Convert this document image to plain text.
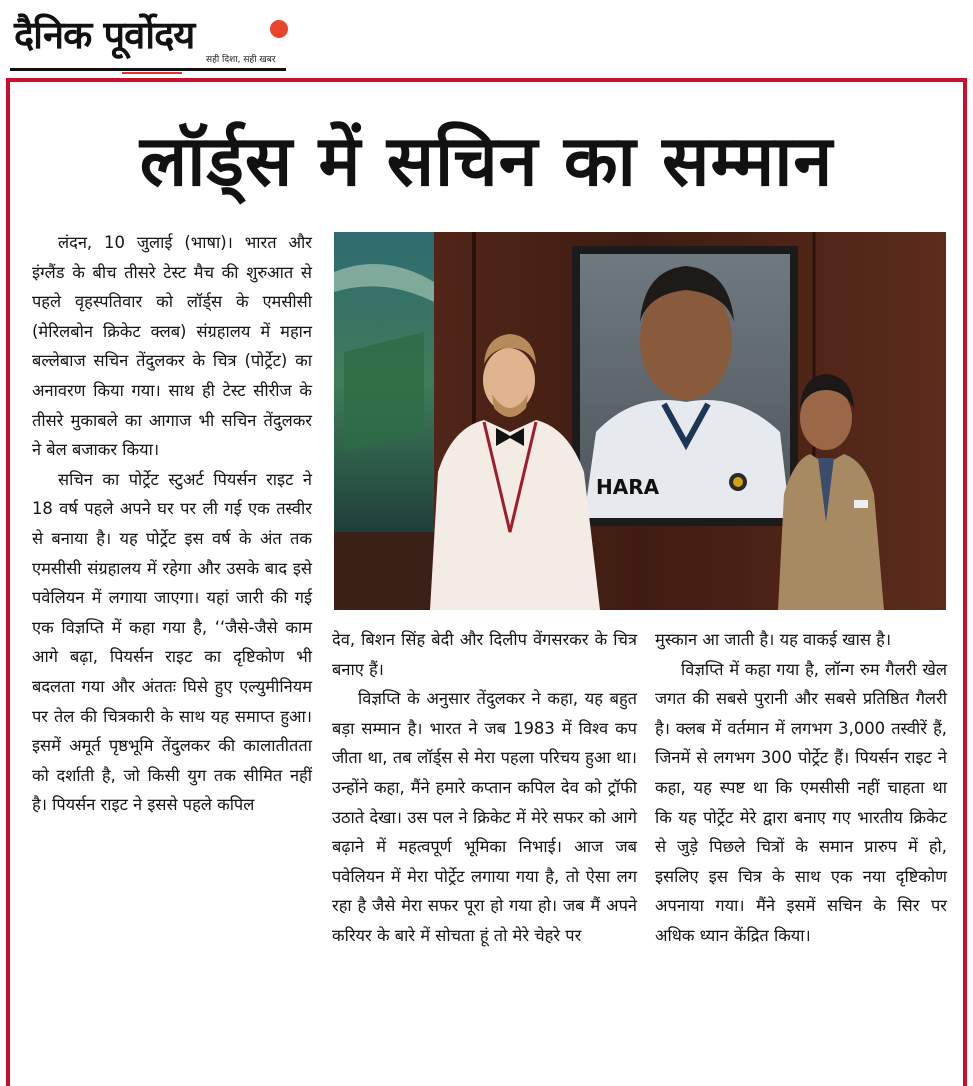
दैनिक पूर्वोदय
सही दिशा, सही खबर
लॉर्ड्स में सचिन का सम्मान

लंदन, 10 जुलाई (भाषा)। भारत और इंग्लैंड के बीच तीसरे टेस्ट मैच की शुरुआत से पहले वृहस्पतिवार को लॉर्ड्स के एमसीसी (मेरिलबोन क्रिकेट क्लब) संग्रहालय में महान बल्लेबाज सचिन तेंदुलकर के चित्र (पोर्ट्रेट) का अनावरण किया गया। साथ ही टेस्ट सीरीज के तीसरे मुकाबले का आगाज भी सचिन तेंदुलकर ने बेल बजाकर किया।

सचिन का पोर्ट्रेट स्टुअर्ट पियर्सन राइट ने 18 वर्ष पहले अपने घर पर ली गई एक तस्वीर से बनाया है। यह पोर्ट्रेट इस वर्ष के अंत तक एमसीसी संग्रहालय में रहेगा और उसके बाद इसे पवेलियन में लगाया जाएगा। यहां जारी की गई एक विज्ञप्ति में कहा गया है, ‘‘जैसे-जैसे काम आगे बढ़ा, पियर्सन राइट का दृष्टिकोण भी बदलता गया और अंततः घिसे हुए एल्युमीनियम पर तेल की चित्रकारी के साथ यह समाप्त हुआ। इसमें अमूर्त पृष्ठभूमि तेंदुलकर की कालातीतता को दर्शाती है, जो किसी युग तक सीमित नहीं है। पियर्सन राइट ने इससे पहले कपिल

HARA

देव, बिशन सिंह बेदी और दिलीप वेंगसरकर के चित्र बनाए हैं।

विज्ञप्ति के अनुसार तेंदुलकर ने कहा, यह बहुत बड़ा सम्मान है। भारत ने जब 1983 में विश्व कप जीता था, तब लॉर्ड्स से मेरा पहला परिचय हुआ था। उन्होंने कहा, मैंने हमारे कप्तान कपिल देव को ट्रॉफी उठाते देखा। उस पल ने क्रिकेट में मेरे सफर को आगे बढ़ाने में महत्वपूर्ण भूमिका निभाई। आज जब पवेलियन में मेरा पोर्ट्रेट लगाया गया है, तो ऐसा लग रहा है जैसे मेरा सफर पूरा हो गया हो। जब मैं अपने करियर के बारे में सोचता हूं तो मेरे चेहरे पर

मुस्कान आ जाती है। यह वाकई खास है।

विज्ञप्ति में कहा गया है, लॉन्ग रुम गैलरी खेल जगत की सबसे पुरानी और सबसे प्रतिष्ठित गैलरी है। क्लब में वर्तमान में लगभग 3,000 तस्वीरें हैं, जिनमें से लगभग 300 पोर्ट्रेट हैं। पियर्सन राइट ने कहा, यह स्पष्ट था कि एमसीसी नहीं चाहता था कि यह पोर्ट्रेट मेरे द्वारा बनाए गए भारतीय क्रिकेट से जुड़े पिछले चित्रों के समान प्रारुप में हो, इसलिए इस चित्र के साथ एक नया दृष्टिकोण अपनाया गया। मैंने इसमें सचिन के सिर पर अधिक ध्यान केंद्रित किया।
